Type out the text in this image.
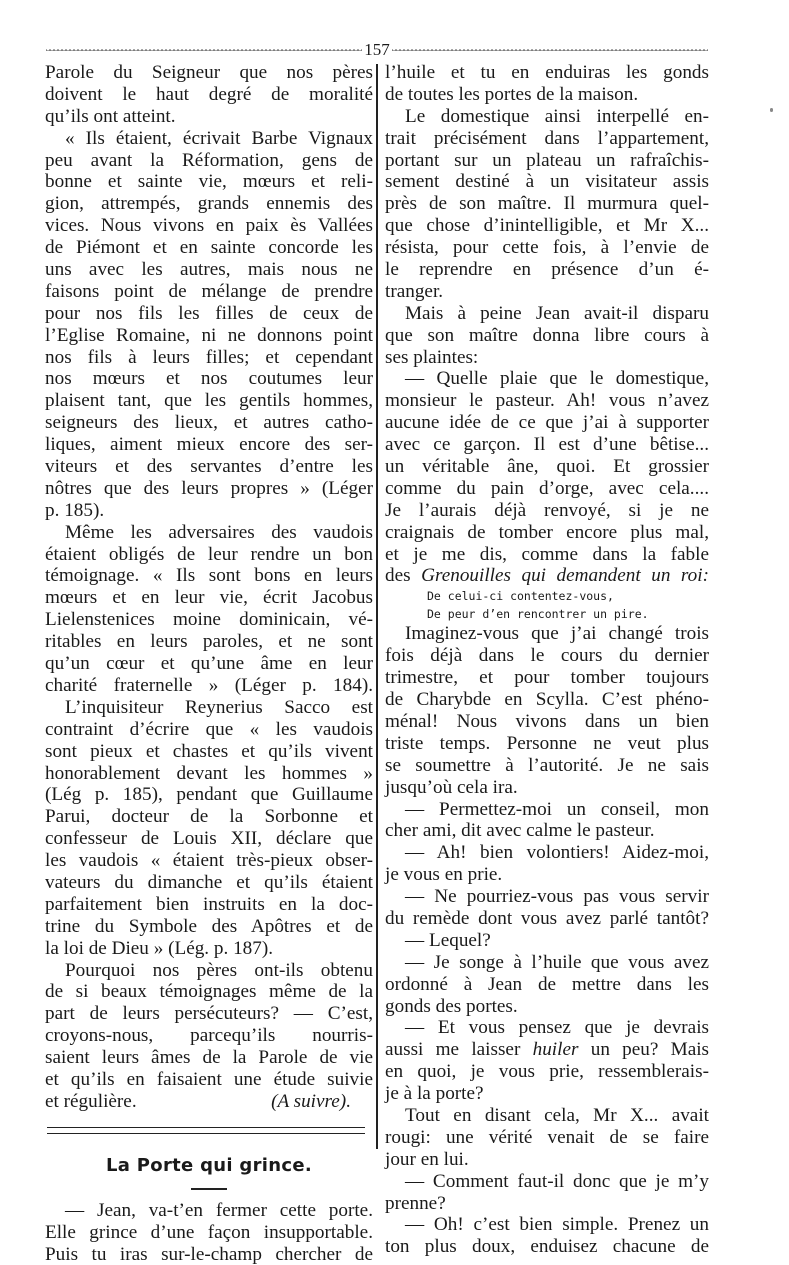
157

Parole du Seigneur que nos pères
doivent le haut degré de moralité
qu’ils ont atteint.

« Ils étaient, écrivait Barbe Vignaux
peu avant la Réformation, gens de
bonne et sainte vie, mœurs et reli-
gion, attrempés, grands ennemis des
vices. Nous vivons en paix ès Vallées
de Piémont et en sainte concorde les
uns avec les autres, mais nous ne
faisons point de mélange de prendre
pour nos fils les filles de ceux de
l’Eglise Romaine, ni ne donnons point
nos fils à leurs filles; et cependant
nos mœurs et nos coutumes leur
plaisent tant, que les gentils hommes,
seigneurs des lieux, et autres catho-
liques, aiment mieux encore des ser-
viteurs et des servantes d’entre les
nôtres que des leurs propres » (Léger
p. 185).

Même les adversaires des vaudois
étaient obligés de leur rendre un bon
témoignage. « Ils sont bons en leurs
mœurs et en leur vie, écrit Jacobus
Lielenstenices moine dominicain, vé-
ritables en leurs paroles, et ne sont
qu’un cœur et qu’une âme en leur
charité fraternelle » (Léger p. 184).

L’inquisiteur Reynerius Sacco est
contraint d’écrire que « les vaudois
sont pieux et chastes et qu’ils vivent
honorablement devant les hommes »
(Lég p. 185), pendant que Guillaume
Parui, docteur de la Sorbonne et
confesseur de Louis XII, déclare que
les vaudois « étaient très-pieux obser-
vateurs du dimanche et qu’ils étaient
parfaitement bien instruits en la doc-
trine du Symbole des Apôtres et de
la loi de Dieu » (Lég. p. 187).

Pourquoi nos pères ont-ils obtenu
de si beaux témoignages même de la
part de leurs persécuteurs? — C’est,
croyons-nous, parcequ’ils nourris-
saient leurs âmes de la Parole de vie
et qu’ils en faisaient une étude suivie
et régulière.	(A suivre).

La Porte qui grince.

— Jean, va-t’en fermer cette porte.
Elle grince d’une façon insupportable.
Puis tu iras sur-le-champ chercher de

l’huile et tu en enduiras les gonds
de toutes les portes de la maison.

Le domestique ainsi interpellé en-
trait précisément dans l’appartement,
portant sur un plateau un rafraîchis-
sement destiné à un visitateur assis
près de son maître. Il murmura quel-
que chose d’inintelligible, et Mr X...
résista, pour cette fois, à l’envie de
le reprendre en présence d’un é-
tranger.

Mais à peine Jean avait-il disparu
que son maître donna libre cours à
ses plaintes:

— Quelle plaie que le domestique,
monsieur le pasteur. Ah! vous n’avez
aucune idée de ce que j’ai à supporter
avec ce garçon. Il est d’une bêtise...
un véritable âne, quoi. Et grossier
comme du pain d’orge, avec cela....
Je l’aurais déjà renvoyé, si je ne
craignais de tomber encore plus mal,
et je me dis, comme dans la fable
des Grenouilles qui demandent un roi:

De celui-ci contentez-vous,
De peur d’en rencontrer un pire.

Imaginez-vous que j’ai changé trois
fois déjà dans le cours du dernier
trimestre, et pour tomber toujours
de Charybde en Scylla. C’est phéno-
ménal! Nous vivons dans un bien
triste temps. Personne ne veut plus
se soumettre à l’autorité. Je ne sais
jusqu’où cela ira.

— Permettez-moi un conseil, mon
cher ami, dit avec calme le pasteur.

— Ah! bien volontiers! Aidez-moi,
je vous en prie.

— Ne pourriez-vous pas vous servir
du remède dont vous avez parlé tantôt?

— Lequel?

— Je songe à l’huile que vous avez
ordonné à Jean de mettre dans les
gonds des portes.

— Et vous pensez que je devrais
aussi me laisser huiler un peu? Mais
en quoi, je vous prie, ressemblerais-
je à la porte?

Tout en disant cela, Mr X... avait
rougi: une vérité venait de se faire
jour en lui.

— Comment faut-il donc que je m’y
prenne?

— Oh! c’est bien simple. Prenez un
ton plus doux, enduisez chacune de
